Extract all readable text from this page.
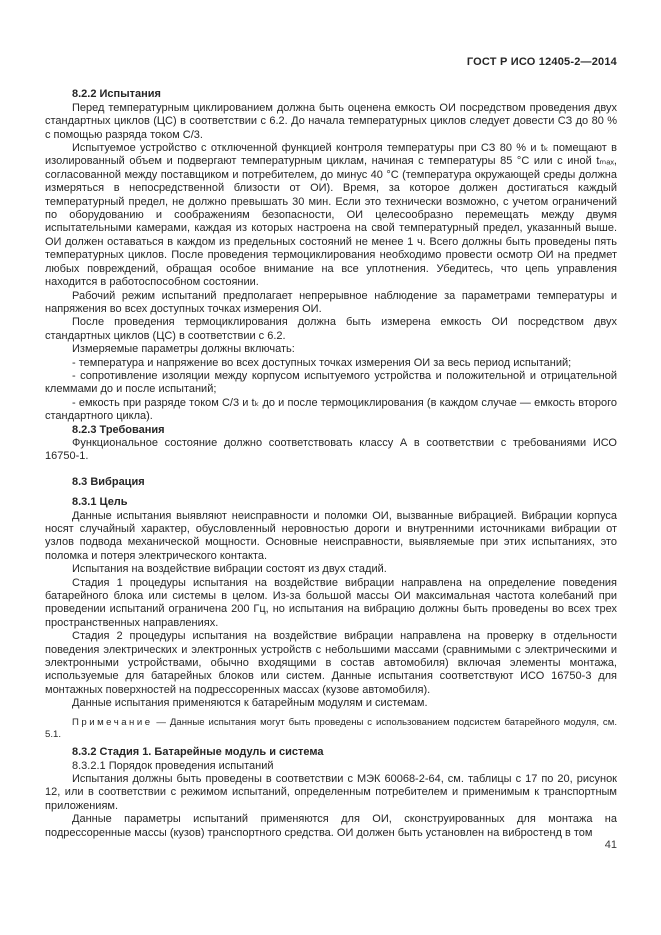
ГОСТ Р ИСО 12405-2—2014
8.2.2 Испытания
Перед температурным циклированием должна быть оценена емкость ОИ посредством проведения двух стандартных циклов (ЦС) в соответствии с 6.2. До начала температурных циклов следует довести СЗ до 80 % с помощью разряда током С/3.
Испытуемое устройство с отключенной функцией контроля температуры при СЗ 80 % и tₖ помещают в изолированный объем и подвергают температурным циклам, начиная с температуры 85 °С или с иной tₘₐₓ, согласованной между поставщиком и потребителем, до минус 40 °С (температура окружающей среды должна измеряться в непосредственной близости от ОИ). Время, за которое должен достигаться каждый температурный предел, не должно превышать 30 мин. Если это технически возможно, с учетом ограничений по оборудованию и соображениям безопасности, ОИ целесообразно перемещать между двумя испытательными камерами, каждая из которых настроена на свой температурный предел, указанный выше. ОИ должен оставаться в каждом из предельных состояний не менее 1 ч. Всего должны быть проведены пять температурных циклов. После проведения термоциклирования необходимо провести осмотр ОИ на предмет любых повреждений, обращая особое внимание на все уплотнения. Убедитесь, что цепь управления находится в работоспособном состоянии.
Рабочий режим испытаний предполагает непрерывное наблюдение за параметрами температуры и напряжения во всех доступных точках измерения ОИ.
После проведения термоциклирования должна быть измерена емкость ОИ посредством двух стандартных циклов (ЦС) в соответствии с 6.2.
Измеряемые параметры должны включать:
- температура и напряжение во всех доступных точках измерения ОИ за весь период испытаний;
- сопротивление изоляции между корпусом испытуемого устройства и положительной и отрицательной клеммами до и после испытаний;
- емкость при разряде током С/3 и tₖ до и после термоциклирования (в каждом случае — емкость второго стандартного цикла).
8.2.3 Требования
Функциональное состояние должно соответствовать классу А в соответствии с требованиями ИСО 16750-1.
8.3 Вибрация
8.3.1 Цель
Данные испытания выявляют неисправности и поломки ОИ, вызванные вибрацией. Вибрации корпуса носят случайный характер, обусловленный неровностью дороги и внутренними источниками вибрации от узлов подвода механической мощности. Основные неисправности, выявляемые при этих испытаниях, это поломка и потеря электрического контакта.
Испытания на воздействие вибрации состоят из двух стадий.
Стадия 1 процедуры испытания на воздействие вибрации направлена на определение поведения батарейного блока или системы в целом. Из-за большой массы ОИ максимальная частота колебаний при проведении испытаний ограничена 200 Гц, но испытания на вибрацию должны быть проведены во всех трех пространственных направлениях.
Стадия 2 процедуры испытания на воздействие вибрации направлена на проверку в отдельности поведения электрических и электронных устройств с небольшими массами (сравнимыми с электрическими и электронными устройствами, обычно входящими в состав автомобиля) включая элементы монтажа, используемые для батарейных блоков или систем. Данные испытания соответствуют ИСО 16750-3 для монтажных поверхностей на подрессоренных массах (кузове автомобиля).
Данные испытания применяются к батарейным модулям и системам.
Примечание — Данные испытания могут быть проведены с использованием подсистем батарейного модуля, см. 5.1.
8.3.2 Стадия 1. Батарейные модуль и система
8.3.2.1 Порядок проведения испытаний
Испытания должны быть проведены в соответствии с МЭК 60068-2-64, см. таблицы с 17 по 20, рисунок 12, или в соответствии с режимом испытаний, определенным потребителем и применимым к транспортным приложениям.
Данные параметры испытаний применяются для ОИ, сконструированных для монтажа на подрессоренные массы (кузов) транспортного средства. ОИ должен быть установлен на вибростенд в том
41
